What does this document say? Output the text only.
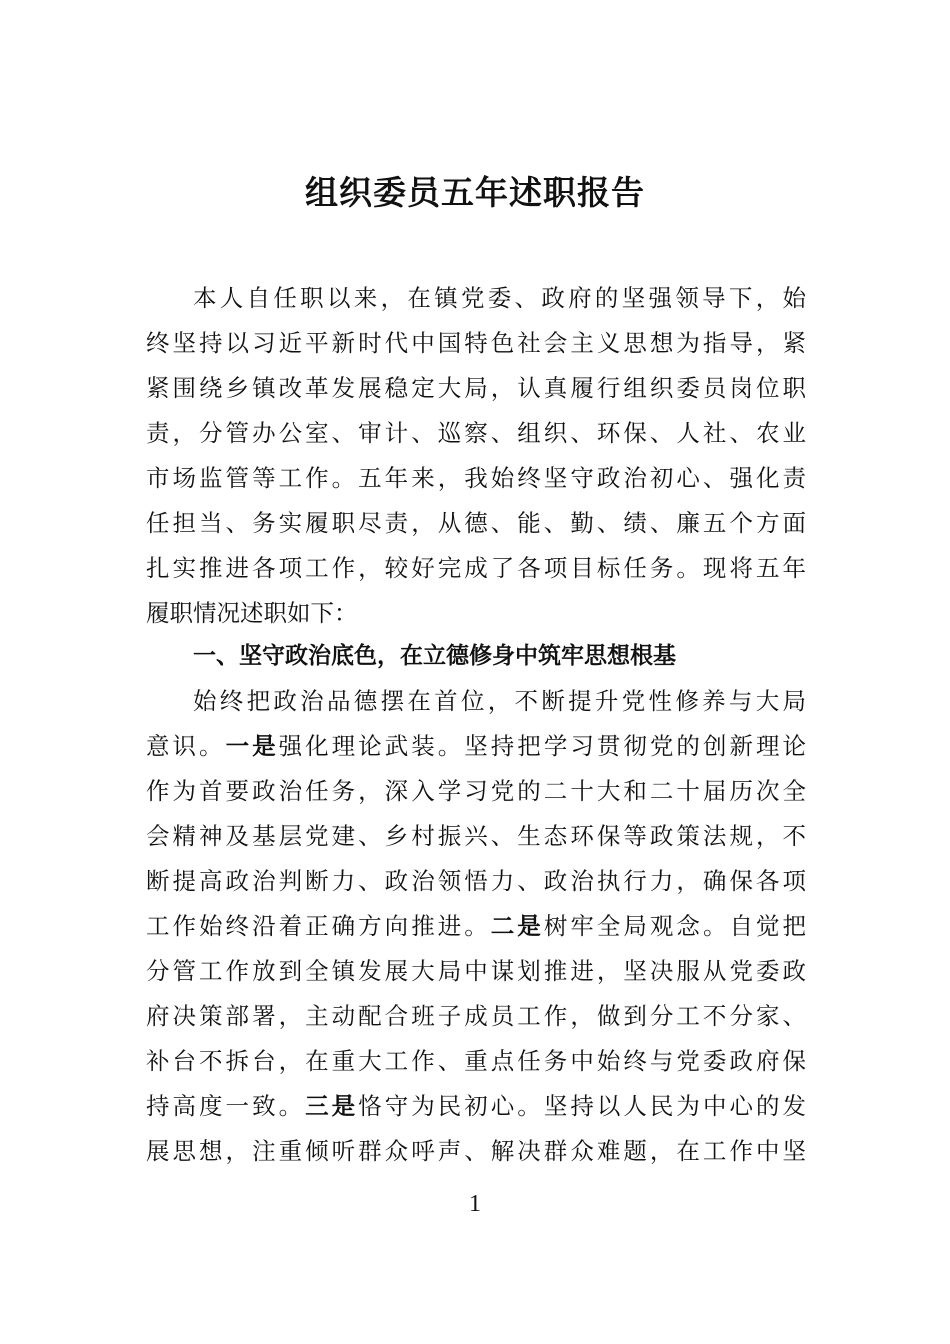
组织委员五年述职报告
本人自任职以来，在镇党委、政府的坚强领导下，始
终坚持以习近平新时代中国特色社会主义思想为指导，紧
紧围绕乡镇改革发展稳定大局，认真履行组织委员岗位职
责，分管办公室、审计、巡察、组织、环保、人社、农业
市场监管等工作。五年来，我始终坚守政治初心、强化责
任担当、务实履职尽责，从德、能、勤、绩、廉五个方面
扎实推进各项工作，较好完成了各项目标任务。现将五年
履职情况述职如下：
一、坚守政治底色，在立德修身中筑牢思想根基
始终把政治品德摆在首位，不断提升党性修养与大局
意识。一是强化理论武装。坚持把学习贯彻党的创新理论
作为首要政治任务，深入学习党的二十大和二十届历次全
会精神及基层党建、乡村振兴、生态环保等政策法规，不
断提高政治判断力、政治领悟力、政治执行力，确保各项
工作始终沿着正确方向推进。二是树牢全局观念。自觉把
分管工作放到全镇发展大局中谋划推进，坚决服从党委政
府决策部署，主动配合班子成员工作，做到分工不分家、
补台不拆台，在重大工作、重点任务中始终与党委政府保
持高度一致。三是恪守为民初心。坚持以人民为中心的发
展思想，注重倾听群众呼声、解决群众难题，在工作中坚
1
